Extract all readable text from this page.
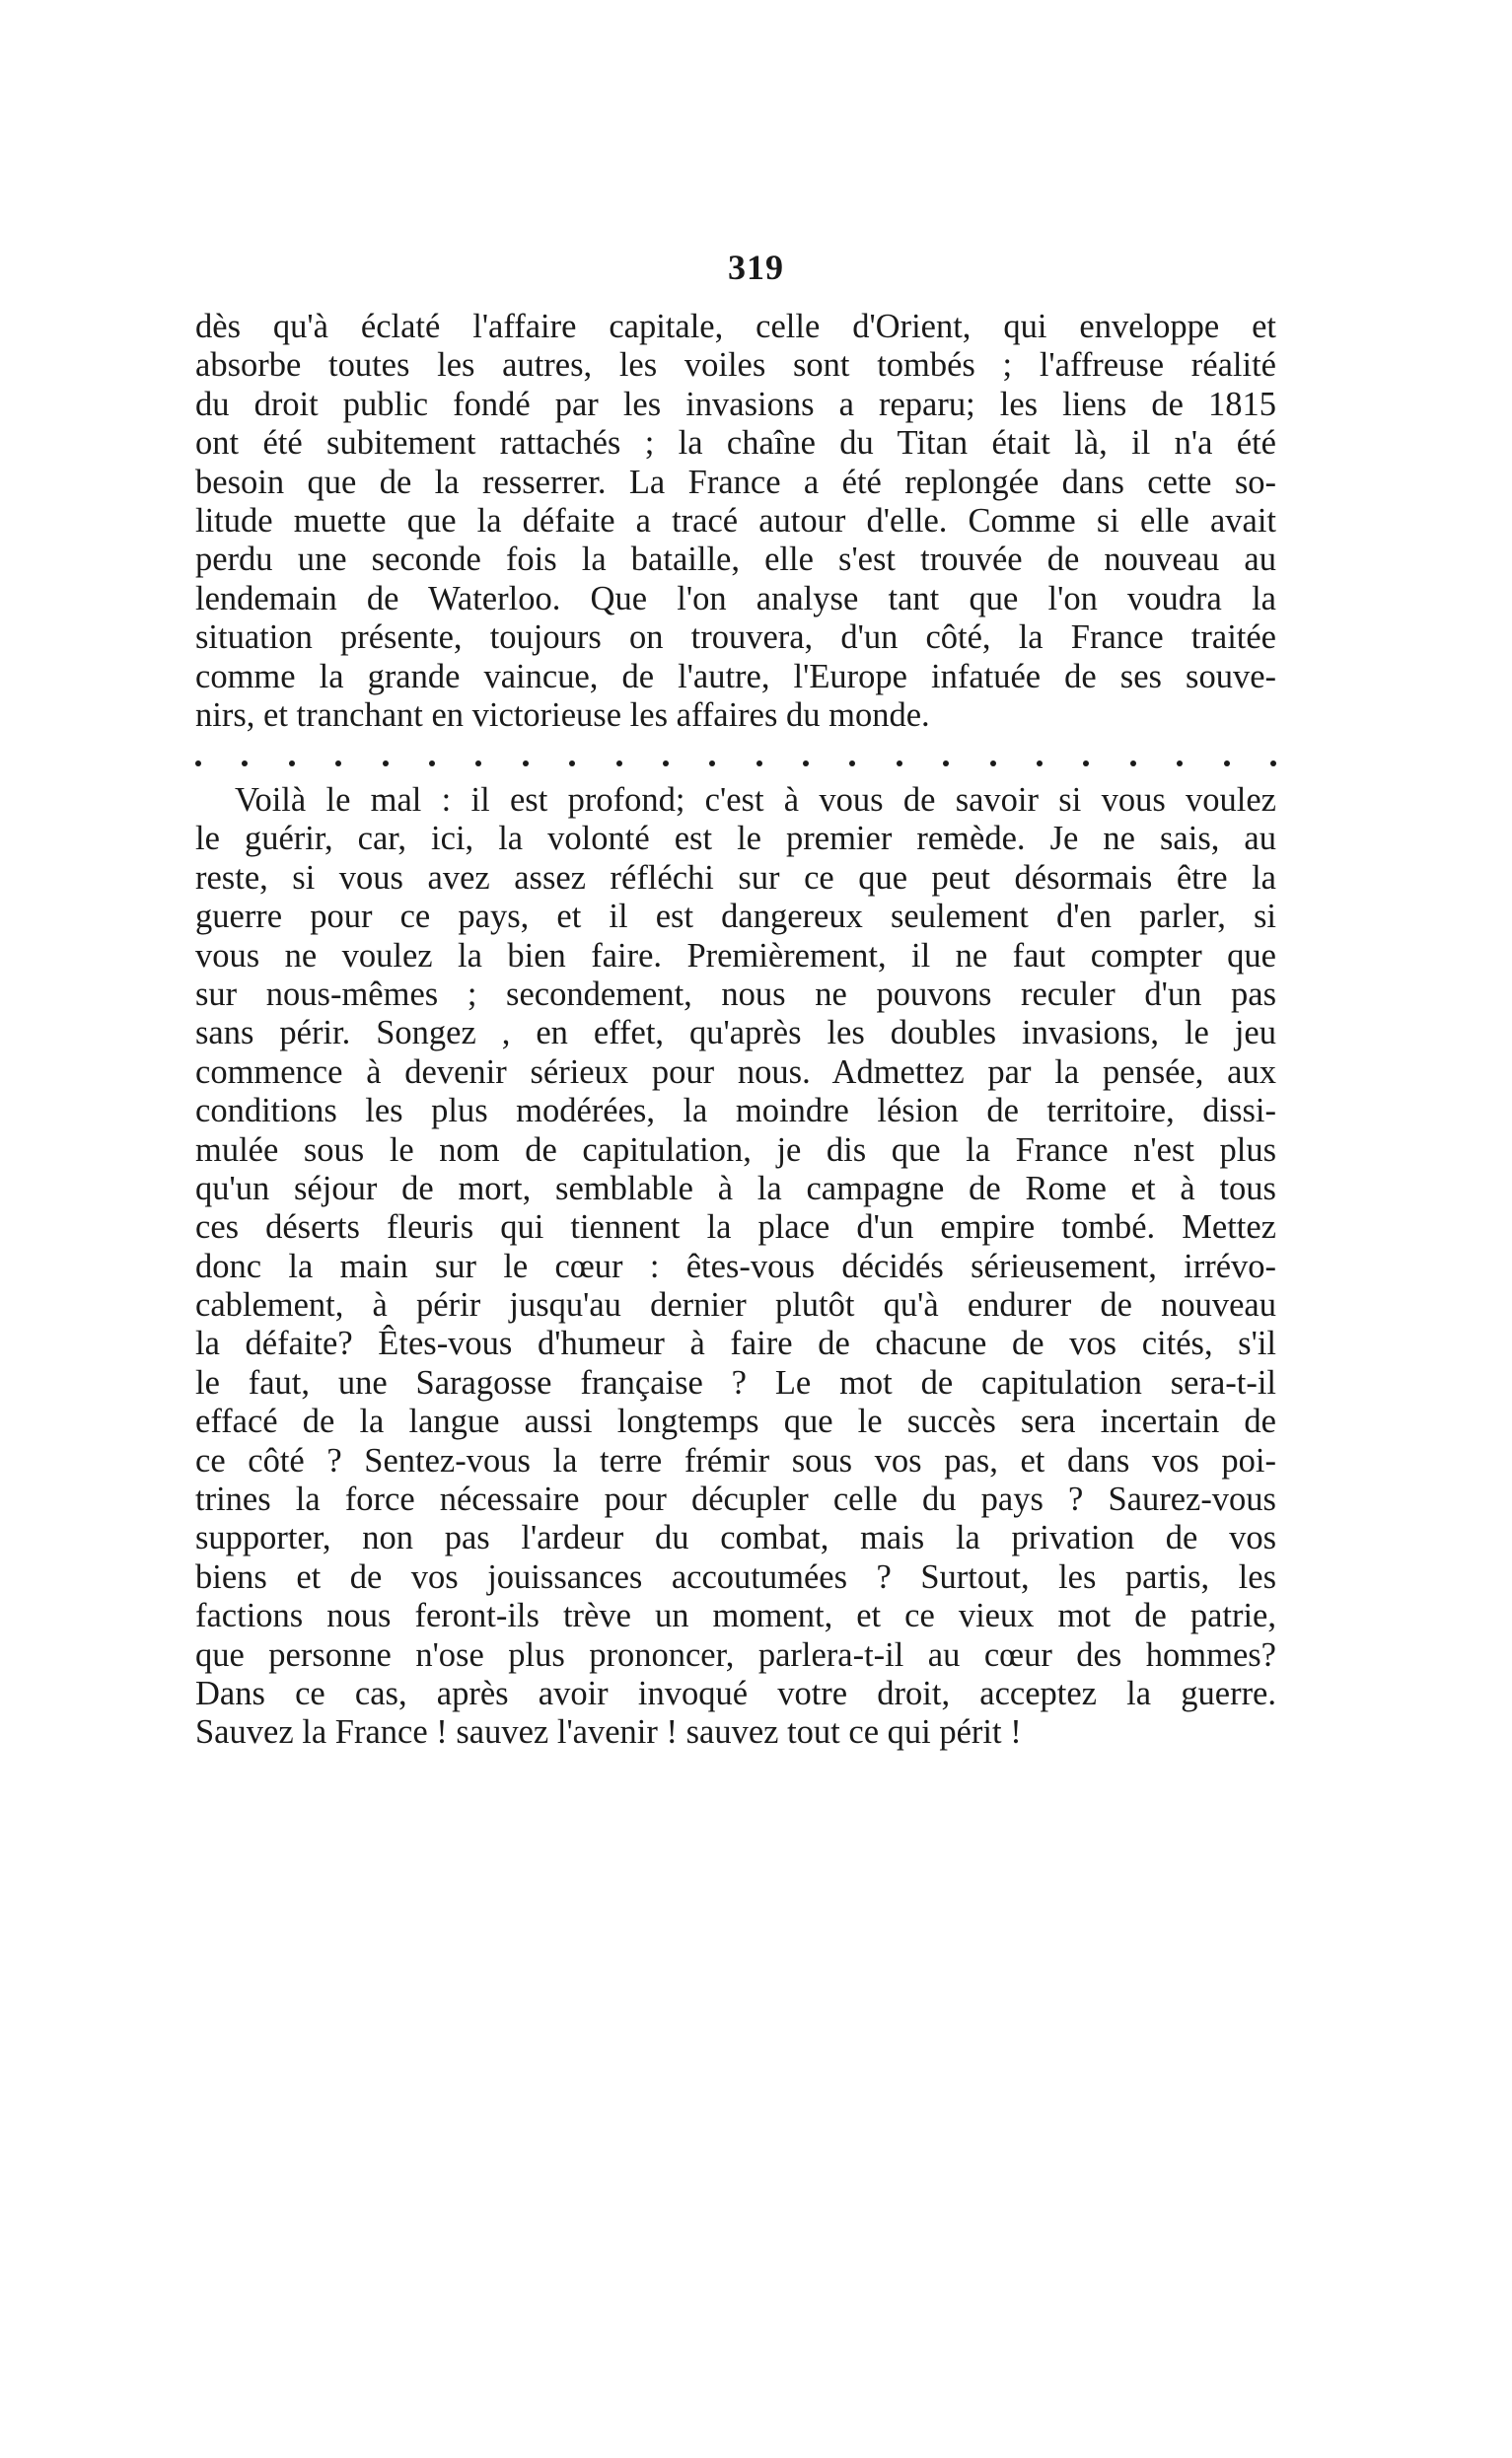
319
dès qu'à éclaté l'affaire capitale, celle d'Orient, qui enveloppe et
absorbe toutes les autres, les voiles sont tombés ; l'affreuse réalité
du droit public fondé par les invasions a reparu; les liens de 1815
ont été subitement rattachés ; la chaîne du Titan était là, il n'a été
besoin que de la resserrer. La France a été replongée dans cette so-
litude muette que la défaite a tracé autour d'elle. Comme si elle avait
perdu une seconde fois la bataille, elle s'est trouvée de nouveau au
lendemain de Waterloo. Que l'on analyse tant que l'on voudra la
situation présente, toujours on trouvera, d'un côté, la France traitée
comme la grande vaincue, de l'autre, l'Europe infatuée de ses souve-
nirs, et tranchant en victorieuse les affaires du monde.
Voilà le mal : il est profond; c'est à vous de savoir si vous voulez
le guérir, car, ici, la volonté est le premier remède. Je ne sais, au
reste, si vous avez assez réfléchi sur ce que peut désormais être la
guerre pour ce pays, et il est dangereux seulement d'en parler, si
vous ne voulez la bien faire. Premièrement, il ne faut compter que
sur nous-mêmes ; secondement, nous ne pouvons reculer d'un pas
sans périr. Songez , en effet, qu'après les doubles invasions, le jeu
commence à devenir sérieux pour nous. Admettez par la pensée, aux
conditions les plus modérées, la moindre lésion de territoire, dissi-
mulée sous le nom de capitulation, je dis que la France n'est plus
qu'un séjour de mort, semblable à la campagne de Rome et à tous
ces déserts fleuris qui tiennent la place d'un empire tombé. Mettez
donc la main sur le cœur : êtes-vous décidés sérieusement, irrévo-
cablement, à périr jusqu'au dernier plutôt qu'à endurer de nouveau
la défaite? Êtes-vous d'humeur à faire de chacune de vos cités, s'il
le faut, une Saragosse française ? Le mot de capitulation sera-t-il
effacé de la langue aussi longtemps que le succès sera incertain de
ce côté ? Sentez-vous la terre frémir sous vos pas, et dans vos poi-
trines la force nécessaire pour décupler celle du pays ? Saurez-vous
supporter, non pas l'ardeur du combat, mais la privation de vos
biens et de vos jouissances accoutumées ? Surtout, les partis, les
factions nous feront-ils trève un moment, et ce vieux mot de patrie,
que personne n'ose plus prononcer, parlera-t-il au cœur des hommes?
Dans ce cas, après avoir invoqué votre droit, acceptez la guerre.
Sauvez la France ! sauvez l'avenir ! sauvez tout ce qui périt !
